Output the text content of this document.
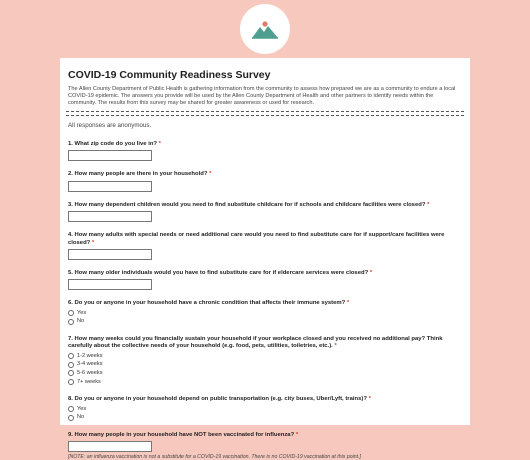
COVID-19 Community Readiness Survey

The Allen County Department of Public Health is gathering information from the community to assess how prepared we are as a community to endure a local COVID-19 epidemic. The answers you provide will be used by the Allen County Department of Health and other partners to identify needs within the community. The results from this survey may be shared for greater awareness or used for research.

All responses are anonymous.
1. What zip code do you live in? *
2. How many people are there in your household? *
3. How many dependent children would you need to find substitute childcare for if schools and childcare facilities were closed? *
4. How many adults with special needs or need additional care would you need to find substitute care for if support/care facilities were closed? *
5. How many older individuals would you have to find substitute care for if eldercare services were closed? *
6. Do you or anyone in your household have a chronic condition that affects their immune system? *
Yes
No
7. How many weeks could you financially sustain your household if your workplace closed and you received no additional pay? Think carefully about the collective needs of your household (e.g. food, pets, utilities, toiletries, etc.). *
1-2 weeks
3-4 weeks
5-6 weeks
7+ weeks
8. Do you or anyone in your household depend on public transportation (e.g. city buses, Uber/Lyft, trains)? *
Yes
No
9. How many people in your household have NOT been vaccinated for influenza? *
[NOTE: an influenza vaccination is not a substitute for a COVID-19 vaccination. There is no COVID-19 vaccination at this point.]
